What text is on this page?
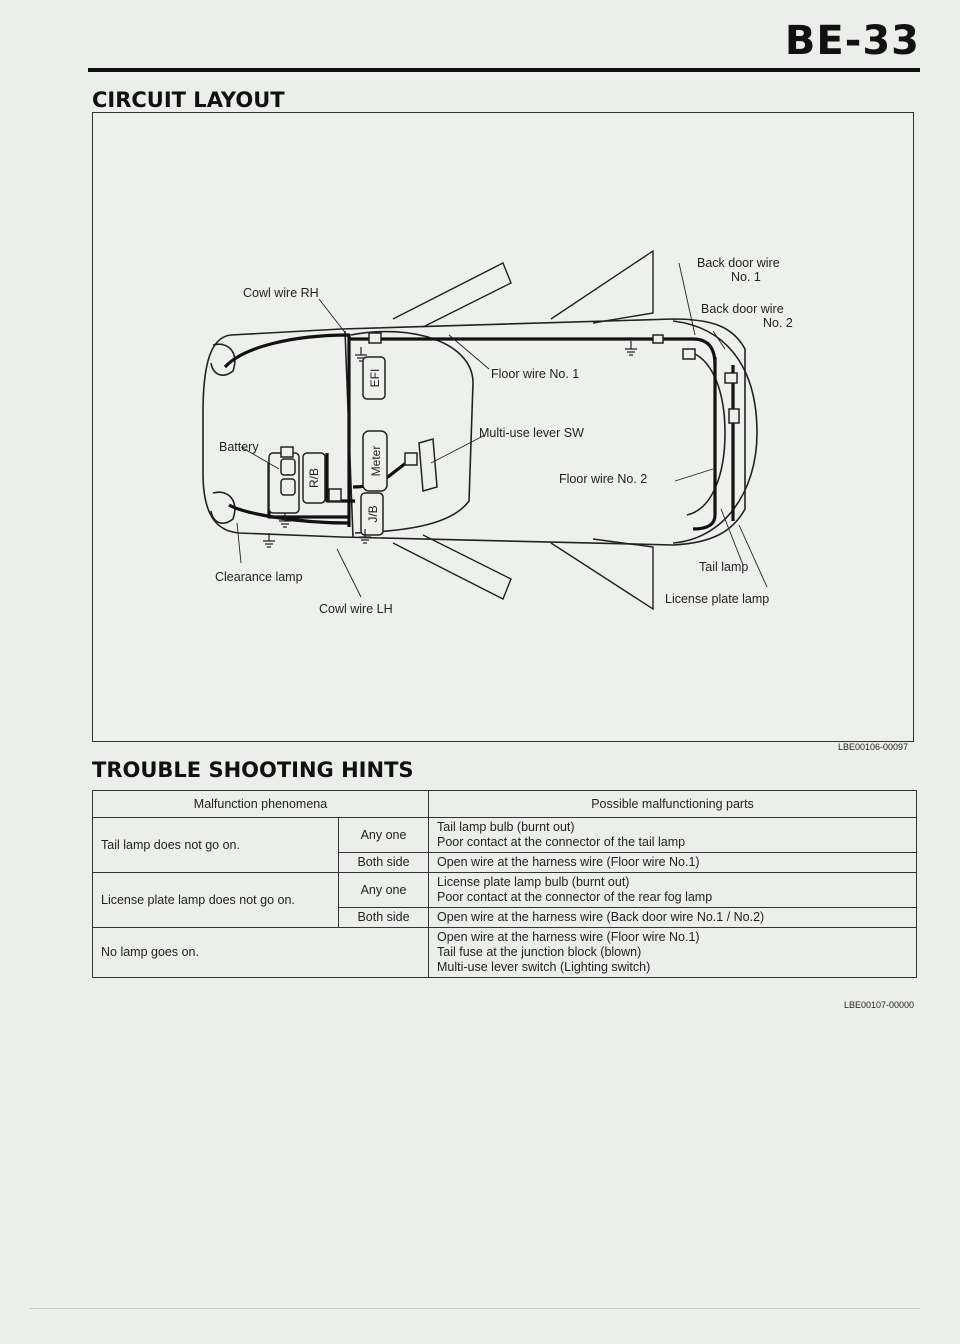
BE-33
CIRCUIT LAYOUT
Back door wire
No. 1
Cowl wire RH
Back door wire
No. 2
Floor wire No. 1
Multi-use lever SW
Battery
Floor wire No. 2
Tail lamp
Clearance lamp
License plate lamp
Cowl wire LH
EFI
Meter
R/B
J/B
LBE00106-00097
TROUBLE SHOOTING HINTS
Malfunction phenomena		Possible malfunctioning parts
Tail lamp does not go on.	Any one	Tail lamp bulb (burnt out)
Poor contact at the connector of the tail lamp

	Both side	Open wire at the harness wire (Floor wire No.1)

License plate lamp does not go on.	Any one	License plate lamp bulb (burnt out)
Poor contact at the connector of the rear fog lamp

	Both side	Open wire at the harness wire (Back door wire No.1 / No.2)

No lamp goes on.		Open wire at the harness wire (Floor wire No.1)
Tail fuse at the junction block (blown)
Multi-use lever switch (Lighting switch)
LBE00107-00000
